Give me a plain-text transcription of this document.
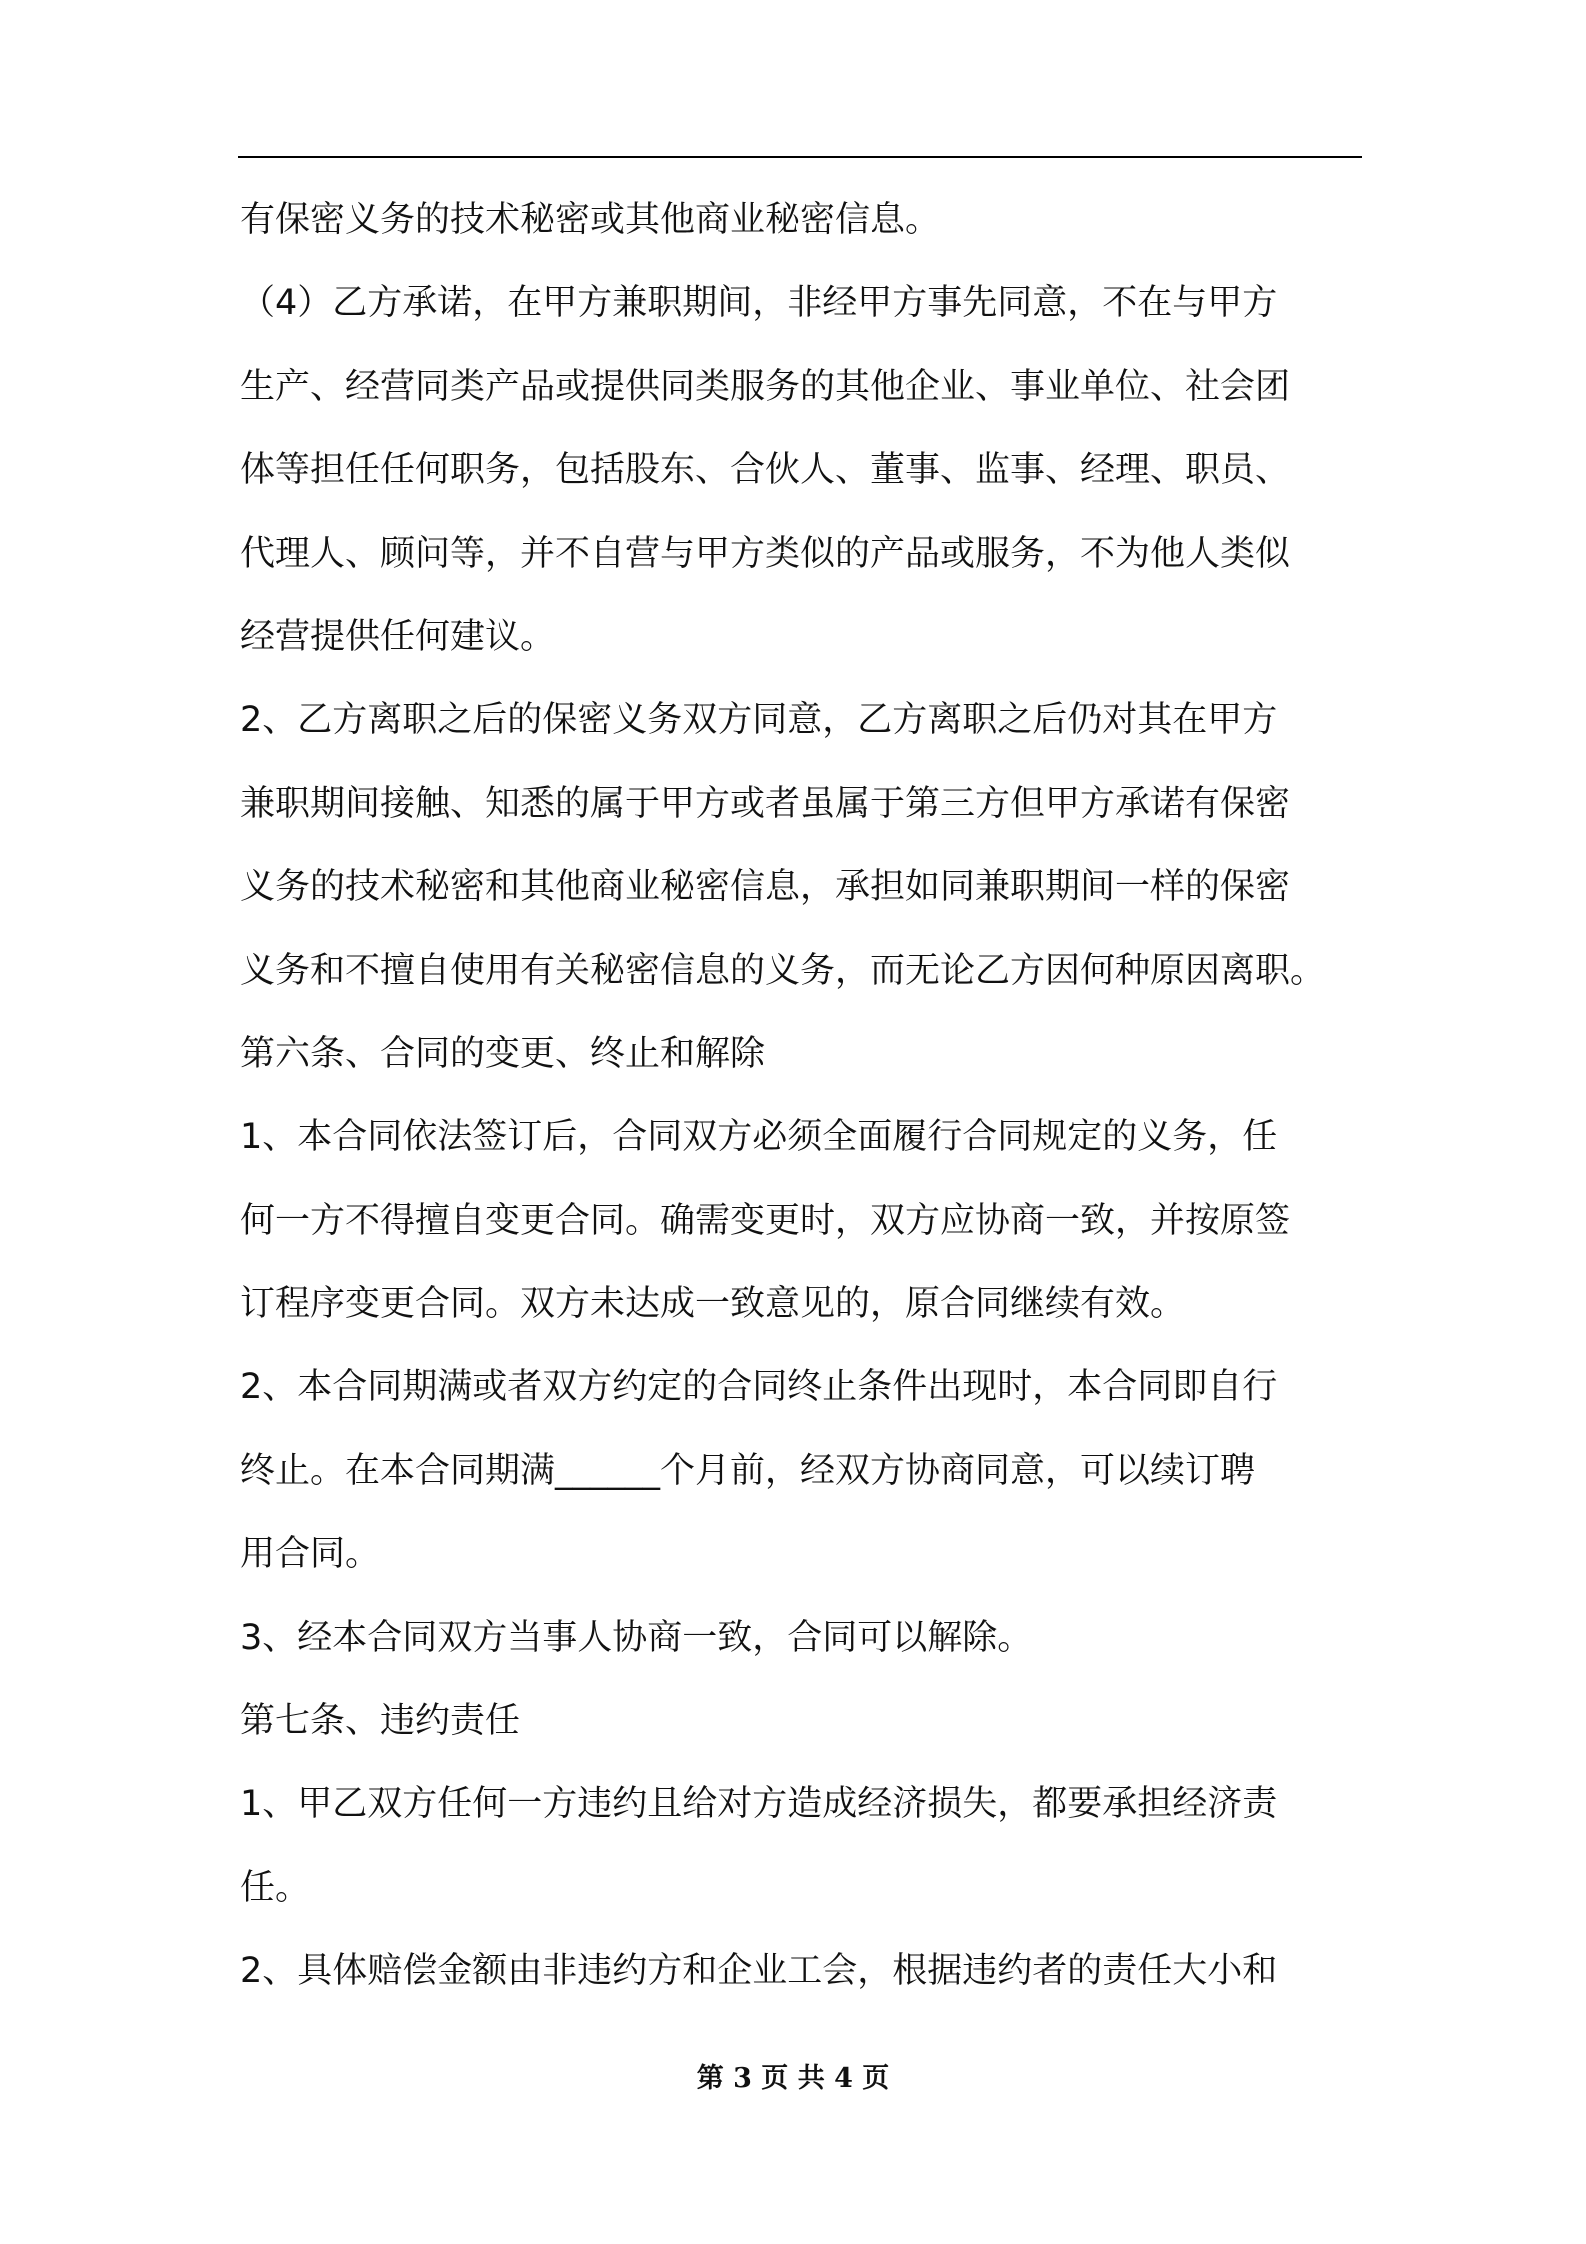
有保密义务的技术秘密或其他商业秘密信息。
（4）乙方承诺，在甲方兼职期间，非经甲方事先同意，不在与甲方
生产、经营同类产品或提供同类服务的其他企业、事业单位、社会团
体等担任任何职务，包括股东、合伙人、董事、监事、经理、职员、
代理人、顾问等，并不自营与甲方类似的产品或服务，不为他人类似
经营提供任何建议。
2、乙方离职之后的保密义务双方同意，乙方离职之后仍对其在甲方
兼职期间接触、知悉的属于甲方或者虽属于第三方但甲方承诺有保密
义务的技术秘密和其他商业秘密信息，承担如同兼职期间一样的保密
义务和不擅自使用有关秘密信息的义务，而无论乙方因何种原因离职。
第六条、合同的变更、终止和解除
1、本合同依法签订后，合同双方必须全面履行合同规定的义务，任
何一方不得擅自变更合同。确需变更时，双方应协商一致，并按原签
订程序变更合同。双方未达成一致意见的，原合同继续有效。
2、本合同期满或者双方约定的合同终止条件出现时，本合同即自行
终止。在本合同期满______个月前，经双方协商同意，可以续订聘
用合同。
3、经本合同双方当事人协商一致，合同可以解除。
第七条、违约责任
1、甲乙双方任何一方违约且给对方造成经济损失，都要承担经济责
任。
2、具体赔偿金额由非违约方和企业工会，根据违约者的责任大小和
第 3 页 共 4 页
